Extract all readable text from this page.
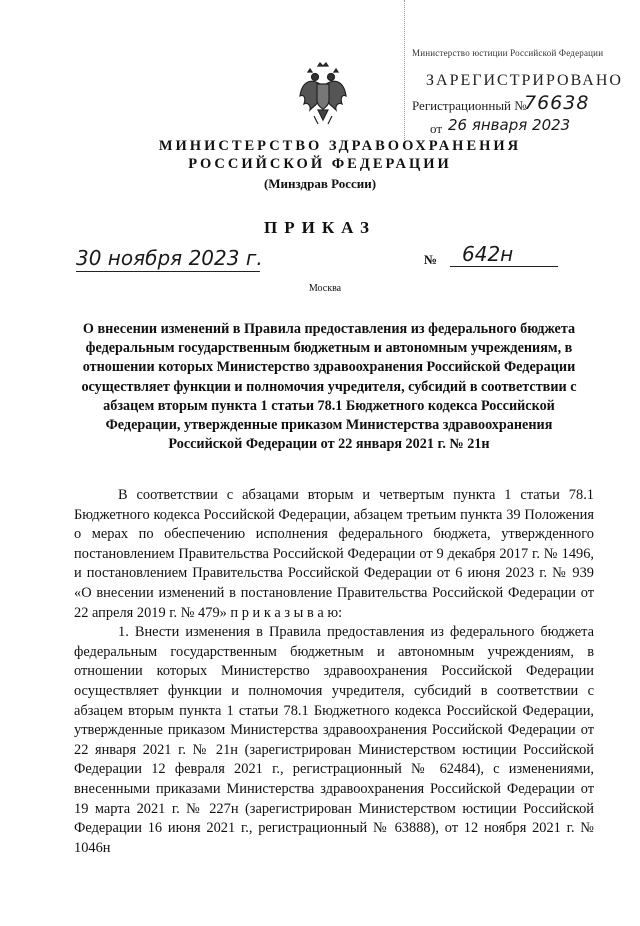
Министерство юстиции Российской Федерации
ЗАРЕГИСТРИРОВАНО
Регистрационный №
76638
от 26 января 2023
МИНИСТЕРСТВО ЗДРАВООХРАНЕНИЯ
РОССИЙСКОЙ ФЕДЕРАЦИИ
(Минздрав России)
ПРИКАЗ
30 ноября 2023 г.	№	642н
Москва
О внесении изменений в Правила предоставления из федерального бюджета федеральным государственным бюджетным и автономным учреждениям, в отношении которых Министерство здравоохранения Российской Федерации осуществляет функции и полномочия учредителя, субсидий в соответствии с абзацем вторым пункта 1 статьи 78.1 Бюджетного кодекса Российской Федерации, утвержденные приказом Министерства здравоохранения Российской Федерации от 22 января 2021 г. № 21н

В соответствии с абзацами вторым и четвертым пункта 1 статьи 78.1 Бюджетного кодекса Российской Федерации, абзацем третьим пункта 39 Положения о мерах по обеспечению исполнения федерального бюджета, утвержденного постановлением Правительства Российской Федерации от 9 декабря 2017 г. № 1496, и постановлением Правительства Российской Федерации от 6 июня 2023 г. № 939 «О внесении изменений в постановление Правительства Российской Федерации от 22 апреля 2019 г. № 479» п р и к а з ы в а ю:

1. Внести изменения в Правила предоставления из федерального бюджета федеральным государственным бюджетным и автономным учреждениям, в отношении которых Министерство здравоохранения Российской Федерации осуществляет функции и полномочия учредителя, субсидий в соответствии с абзацем вторым пункта 1 статьи 78.1 Бюджетного кодекса Российской Федерации, утвержденные приказом Министерства здравоохранения Российской Федерации от 22 января 2021 г. № 21н (зарегистрирован Министерством юстиции Российской Федерации 12 февраля 2021 г., регистрационный № 62484), с изменениями, внесенными приказами Министерства здравоохранения Российской Федерации от 19 марта 2021 г. № 227н (зарегистрирован Министерством юстиции Российской Федерации 16 июня 2021 г., регистрационный № 63888), от 12 ноября 2021 г. № 1046н
